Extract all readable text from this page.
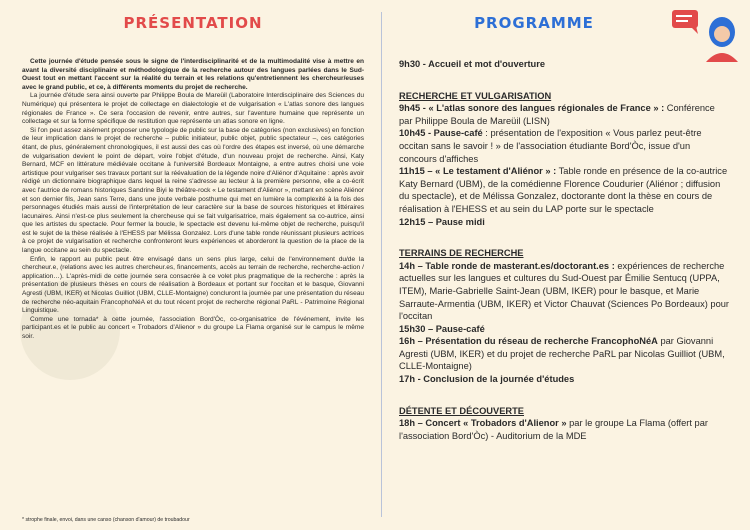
PRÉSENTATION

Cette journée d'étude pensée sous le signe de l'interdisciplinarité et de la multimodalité vise à mettre en avant la diversité disciplinaire et méthodologique de la recherche autour des langues parlées dans le Sud-Ouest tout en mettant l'accent sur la réalité du terrain et les relations qu'entretiennent les chercheur/euses avec le grand public, et ce, à différents moments du projet de recherche.

La journée d'étude sera ainsi ouverte par Philippe Boula de Mareüil (Laboratoire Interdisciplinaire des Sciences du Numérique) qui présentera le projet de collectage en dialectologie et de vulgarisation « L'atlas sonore des langues régionales de France ». Ce sera l'occasion de revenir, entre autres, sur l'aventure humaine que représente un collectage et sur la forme spécifique de restitution que représente un atlas sonore en ligne.

Si l'on peut assez aisément proposer une typologie de public sur la base de catégories (non exclusives) en fonction de leur implication dans le projet de recherche – public initiateur, public objet, public spectateur –, ces catégories étant, de plus, généralement chronologiques, il est aussi des cas où l'ordre des étapes est inversé, où une démarche de vulgarisation devient le point de départ, voire l'objet d'étude, d'un nouveau projet de recherche. Ainsi, Katy Bernard, MCF en littérature médiévale occitane à l'université Bordeaux Montaigne, a entre autres choisi une voie artistique pour vulgariser ses travaux portant sur la réévaluation de la légende noire d'Aliénor d'Aquitaine : après avoir rédigé un dictionnaire biographique dans lequel la reine s'adresse au lecteur à la première personne, elle a co-écrit avec l'autrice de romans historiques Sandrine Biyi le théâtre-rock « Le testament d'Aliénor », mettant en scène Aliénor et son dernier fils, Jean sans Terre, dans une joute verbale posthume qui met en lumière la complexité à la fois des personnages étudiés mais aussi de l'interprétation de leur caractère sur la base de sources historiques et littéraires lacunaires. Ainsi n'est-ce plus seulement la chercheuse qui se fait vulgarisatrice, mais également sa co-autrice, ainsi que les artistes du spectacle. Pour fermer la boucle, le spectacle est devenu lui-même objet de recherche, puisqu'il est le sujet de la thèse réalisée à l'EHESS par Mélissa Gonzalez. Lors d'une table ronde réunissant plusieurs actrices à ce projet de vulgarisation et recherche confronteront leurs expériences et aborderont la question de la place de la langue occitane au sein du spectacle.

Enfin, le rapport au public peut être envisagé dans un sens plus large, celui de l'environnement du/de la chercheur.e, (relations avec les autres chercheur.es, financements, accès au terrain de recherche, recherche-action / application…). L'après-midi de cette journée sera consacrée à ce volet plus pragmatique de la recherche : après la présentation de plusieurs thèses en cours de réalisation à Bordeaux et portant sur l'occitan et le basque, Giovanni Agresti (UBM, IKER) et Nicolas Guilliot (UBM, CLLE-Montaigne) concluront la journée par une présentation du réseau de recherche néo-aquitain FrancophoNéA et du tout récent projet de recherche régional PaRL - Patrimoine Régional Linguistique.

Comme une tornada* à cette journée, l'association Bord'Òc, co-organisatrice de l'événement, invite les participant.es et le public au concert « Trobadors d'Alienor » du groupe La Flama organisé sur le campus le même soir.

* strophe finale, envoi, dans une canso (chanson d'amour) de troubadour
PROGRAMME

9h30 - Accueil et mot d'ouverture

RECHERCHE ET VULGARISATION

9h45 - « L'atlas sonore des langues régionales de France » : Conférence par Philippe Boula de Mareüil (LISN)

10h45 - Pause-café : présentation de l'exposition « Vous parlez peut-être occitan sans le savoir ! » de l'association étudiante Bord'Òc, issue d'un concours d'affiches

11h15 – « Le testament d'Aliénor » : Table ronde en présence de la co-autrice Katy Bernard (UBM), de la comédienne Florence Coudurier (Aliénor ; diffusion du spectacle), et de Mélissa Gonzalez, doctorante dont la thèse en cours de réalisation à l'EHESS et au sein du LAP porte sur le spectacle

12h15 – Pause midi

TERRAINS DE RECHERCHE

14h – Table ronde de masterant.es/doctorant.es : expériences de recherche actuelles sur les langues et cultures du Sud-Ouest par Émilie Sentucq (UPPA, ITEM), Marie-Gabrielle Saint-Jean (UBM, IKER) pour le basque, et Marie Sarraute-Armentia (UBM, IKER) et Victor Chauvat (Sciences Po Bordeaux) pour l'occitan

15h30 – Pause-café

16h – Présentation du réseau de recherche FrancophoNéA par Giovanni Agresti (UBM, IKER) et du projet de recherche PaRL par Nicolas Guilliot (UBM, CLLE-Montaigne)

17h - Conclusion de la journée d'études

DÉTENTE ET DÉCOUVERTE

18h – Concert « Trobadors d'Alienor » par le groupe La Flama (offert par l'association Bord'Òc) - Auditorium de la MDE
